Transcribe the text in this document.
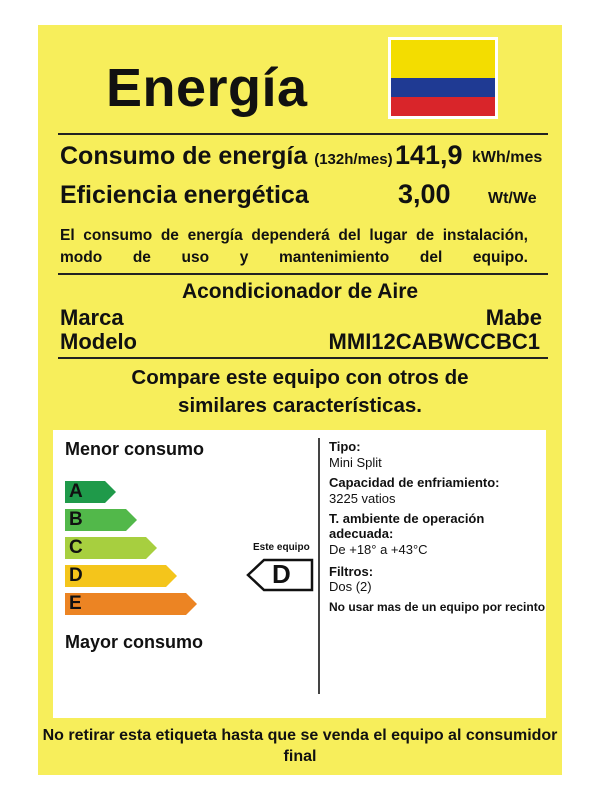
Energía
Consumo de energía (132h/mes) 141,9 kWh/mes
Eficiencia energética	3,00 Wt/We
El consumo de energía dependerá del lugar de instalación, modo de uso y mantenimiento del equipo.
Acondicionador de Aire
Marca	Mabe
Modelo	MMI12CABWCCBC1
Compare este equipo con otros de similares características.
Menor consumo
A
B
C
D
E
Mayor consumo
Este equipo
D
Tipo:
Mini Split
Capacidad de enfriamiento:
3225 vatios
T. ambiente de operación
adecuada:
De +18° a +43°C
Filtros:
Dos (2)
No usar mas de un equipo por recinto
No retirar esta etiqueta hasta que se venda el equipo al consumidor final
